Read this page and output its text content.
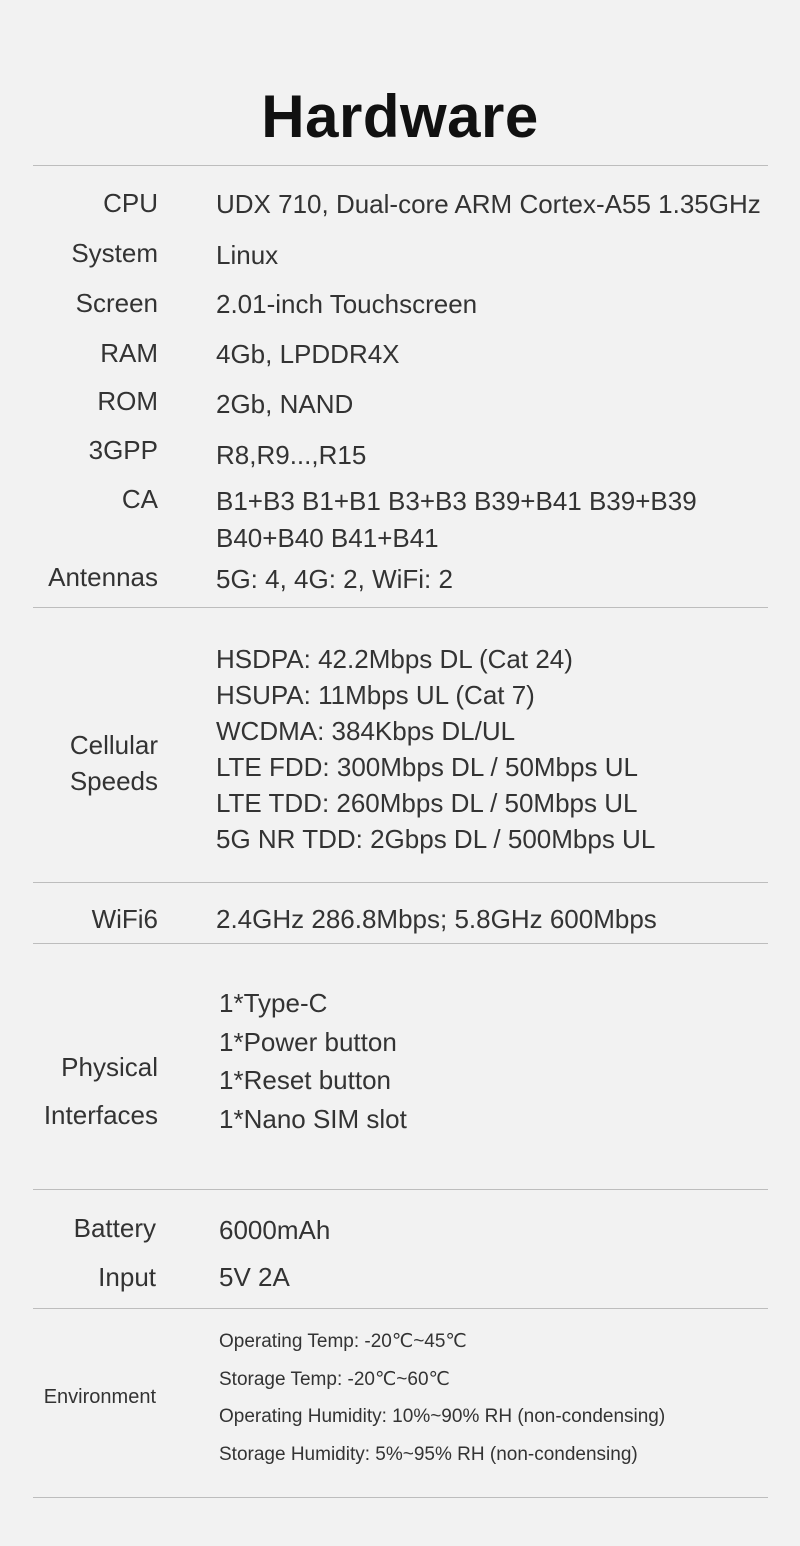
Hardware
CPU UDX 710, Dual-core ARM Cortex-A55 1.35GHz
System Linux
Screen 2.01-inch Touchscreen
RAM 4Gb, LPDDR4X
ROM 2Gb, NAND
3GPP R8,R9...,R15
CA B1+B3 B1+B1 B3+B3 B39+B41 B39+B39 B40+B40 B41+B41
Antennas 5G: 4, 4G: 2, WiFi: 2
Cellular
Speeds
HSDPA: 42.2Mbps DL (Cat 24)
HSUPA: 11Mbps UL (Cat 7)
WCDMA: 384Kbps DL/UL
LTE FDD: 300Mbps DL / 50Mbps UL
LTE TDD: 260Mbps DL / 50Mbps UL
5G NR TDD: 2Gbps DL / 500Mbps UL
WiFi6 2.4GHz 286.8Mbps; 5.8GHz 600Mbps
Physical
Interfaces
1*Type-C
1*Power button
1*Reset button
1*Nano SIM slot
Battery 6000mAh
Input 5V 2A
Environment
Operating Temp: -20℃~45℃
Storage Temp: -20℃~60℃
Operating Humidity: 10%~90% RH (non-condensing)
Storage Humidity: 5%~95% RH (non-condensing)
